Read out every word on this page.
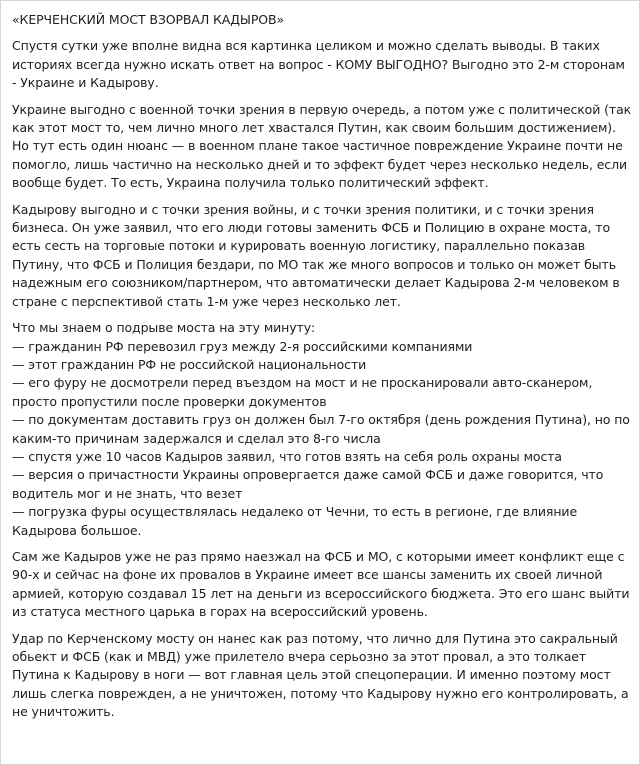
«КЕРЧЕНСКИЙ МОСТ ВЗОРВАЛ КАДЫРОВ»

Спустя сутки уже вполне видна вся картинка целиком и можно сделать выводы. В таких историях всегда нужно искать ответ на вопрос - КОМУ ВЫГОДНО? Выгодно это 2-м сторонам - Украине и Кадырову.

Украине выгодно с военной точки зрения в первую очередь, а потом уже с политической (так как этот мост то, чем лично много лет хвастался Путин, как своим большим достижением). Но тут есть один нюанс — в военном плане такое частичное повреждение Украине почти не помогло, лишь частично на несколько дней и то эффект будет через несколько недель, если вообще будет. То есть, Украина получила только политический эффект.

Кадырову выгодно и с точки зрения войны, и с точки зрения политики, и с точки зрения бизнеса. Он уже заявил, что его люди готовы заменить ФСБ и Полицию в охране моста, то есть сесть на торговые потоки и курировать военную логистику, параллельно показав Путину, что ФСБ и Полиция бездари, по МО так же много вопросов и только он может быть надежным его союзником/партнером, что автоматически делает Кадырова 2-м человеком в стране с перспективой стать 1-м уже через несколько лет.

Что мы знаем о подрыве моста на эту минуту:
— гражданин РФ перевозил груз между 2-я российскими компаниями
— этот гражданин РФ не российской национальности
— его фуру не досмотрели перед въездом на мост и не просканировали авто-сканером, просто пропустили после проверки документов
— по документам доставить груз он должен был 7-го октября (день рождения Путина), но по каким-то причинам задержался и сделал это 8-го числа
— спустя уже 10 часов Кадыров заявил, что готов взять на себя роль охраны моста
— версия о причастности Украины опровергается даже самой ФСБ и даже говорится, что водитель мог и не знать, что везет
— погрузка фуры осуществлялась недалеко от Чечни, то есть в регионе, где влияние Кадырова большое.

Сам же Кадыров уже не раз прямо наезжал на ФСБ и МО, с которыми имеет конфликт еще с 90-х и сейчас на фоне их провалов в Украине имеет все шансы заменить их своей личной армией, которую создавал 15 лет на деньги из всероссийского бюджета. Это его шанс выйти из статуса местного царька в горах на всероссийский уровень.

Удар по Керченскому мосту он нанес как раз потому, что лично для Путина это сакральный обьект и ФСБ (как и МВД) уже прилетело вчера серьозно за этот провал, а это толкает Путина к Кадырову в ноги — вот главная цель этой спецоперации. И именно поэтому мост лишь слегка поврежден, а не уничтожен, потому что Кадырову нужно его контролировать, а не уничтожить.
